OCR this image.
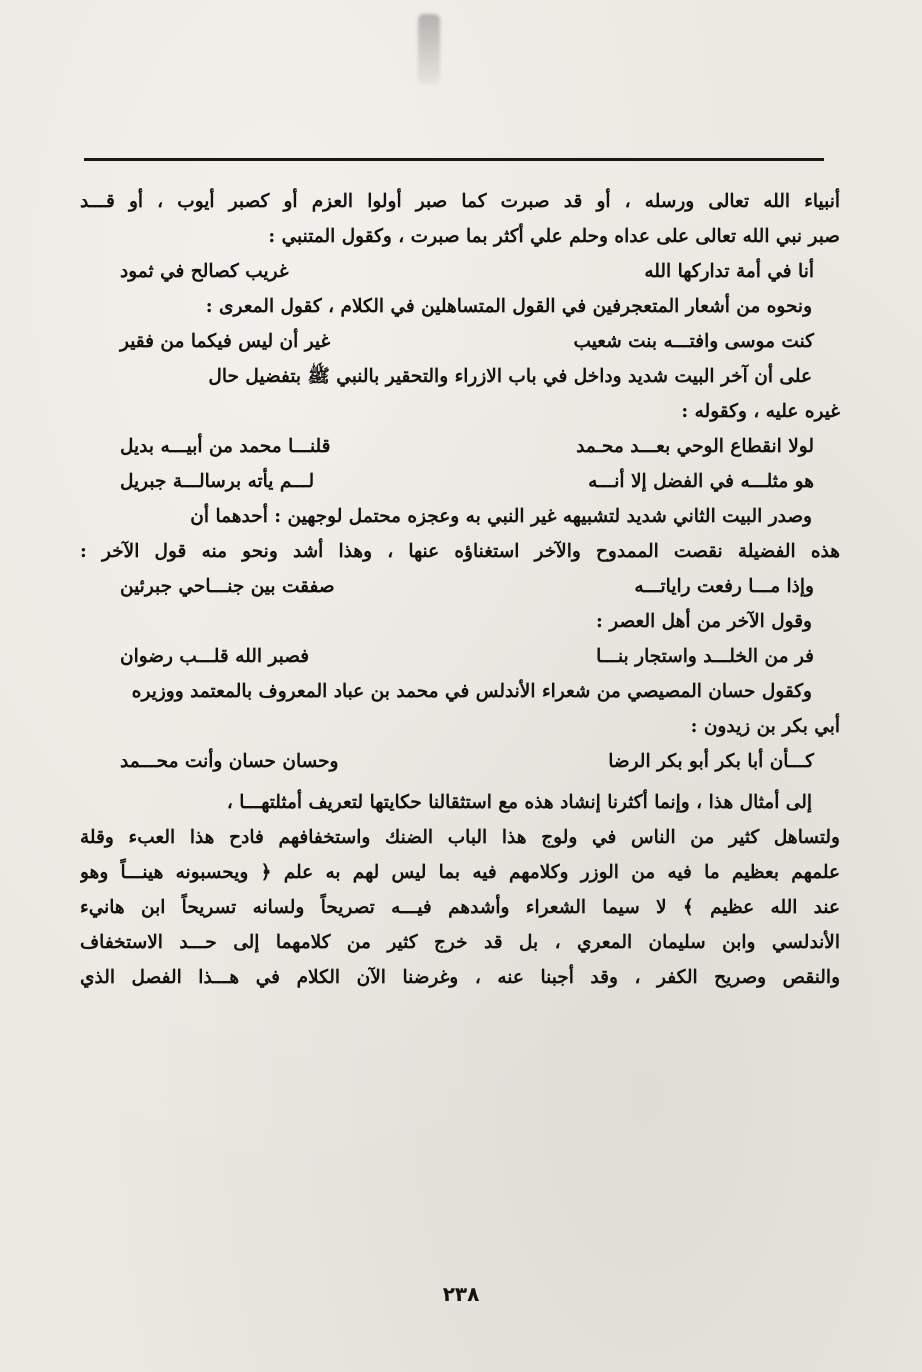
أنبياء الله تعالى ورسله ، أو قد صبرت كما صبر أولوا العزم أو كصبر أيوب ، أو قـــد
صبر نبي الله تعالى على عداه وحلم علي أكثر بما صبرت ، وكقول المتنبي :
أنا في أمة تداركها الله
غريب كصالح في ثمود
ونحوه من أشعار المتعجرفين في القول المتساهلين في الكلام ، كقول المعرى :
كنت موسى وافتـــه بنت شعيب
غير أن ليس فيكما من فقير
على أن آخر البيت شديد وداخل في باب الازراء والتحقير بالنبي ﷺ بتفضيل حال
غيره عليه ، وكقوله :
لولا انقطاع الوحي بعـــد محـمد
قلنـــا محمد من أبيـــه بديل
هو مثلـــه في الفضل إلا أنـــه
لـــم يأته برسالـــة جبريل
وصدر البيت الثاني شديد لتشبيهه غير النبي به وعجزه محتمل لوجهين : أحدهما أن
هذه الفضيلة نقصت الممدوح والآخر استغناؤه عنها ، وهذا أشد ونحو منه قول الآخر :
وإذا مـــا رفعت راياتـــه
صفقت بين جنـــاحي جبرئين
وقول الآخر من أهل العصر :
فر من الخلـــد واستجار بنـــا
فصبر الله قلـــب رضوان
وكقول حسان المصيصي من شعراء الأندلس في محمد بن عباد المعروف بالمعتمد ووزيره
أبي بكر بن زيدون :
كـــأن أبا بكر أبو بكر الرضا
وحسان حسان وأنت محـــمد
إلى أمثال هذا ، وإنما أكثرنا إنشاد هذه مع استثقالنا حكايتها لتعريف أمثلتهـــا ،
ولتساهل كثير من الناس في ولوج هذا الباب الضنك واستخفافهم فادح هذا العبء وقلة
علمهم بعظيم ما فيه من الوزر وكلامهم فيه بما ليس لهم به علم ﴿ ويحسبونه هينـــاً وهو
عند الله عظيم ﴾ لا سيما الشعراء وأشدهم فيـــه تصريحاً ولسانه تسريحاً ابن هانيء
الأندلسي وابن سليمان المعري ، بل قد خرج كثير من كلامهما إلى حـــد الاستخفاف
والنقص وصريح الكفر ، وقد أجبنا عنه ، وغرضنا الآن الكلام في هـــذا الفصل الذي
٢٣٨
